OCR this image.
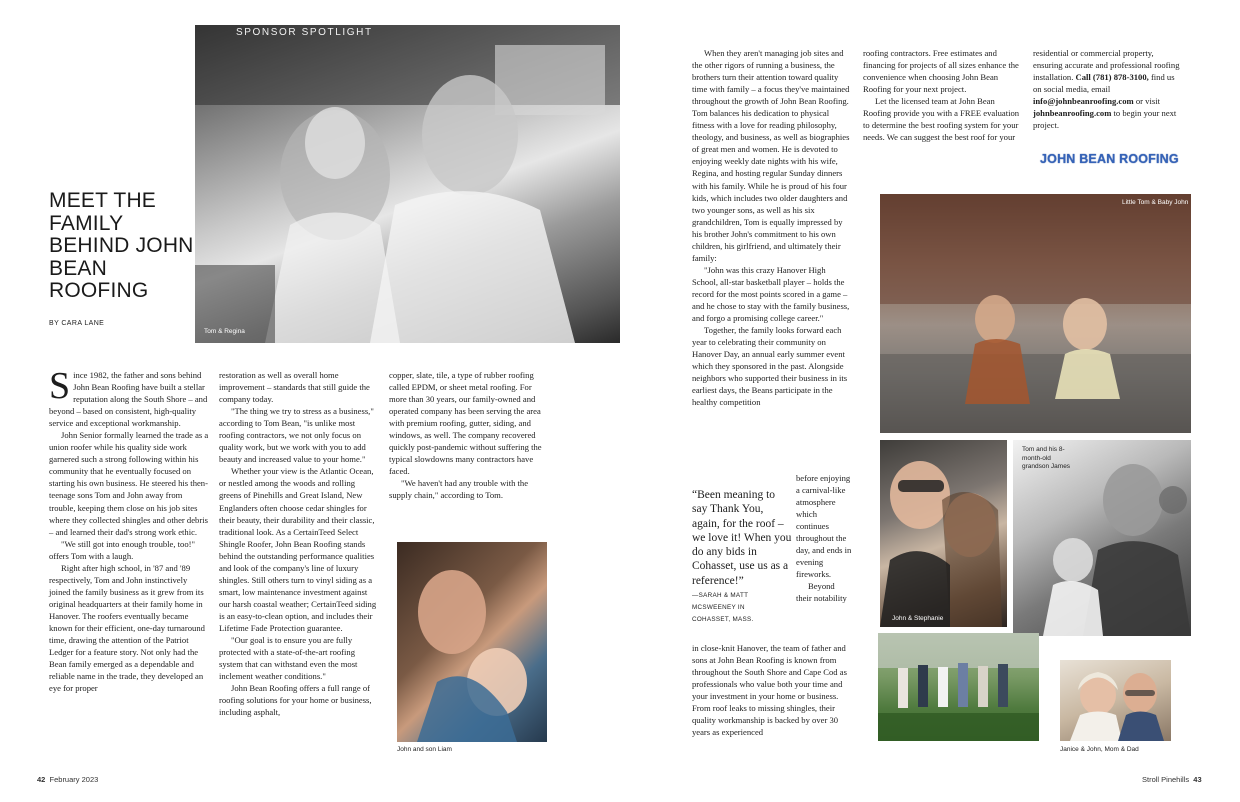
SPONSOR SPOTLIGHT
Tom & Regina
MEET THE FAMILY BEHIND JOHN BEAN ROOFING
BY CARA LANE

Since 1982, the father and sons behind John Bean Roofing have built a stellar reputation along the South Shore – and beyond – based on consistent, high-quality service and exceptional workmanship.

John Senior formally learned the trade as a union roofer while his quality side work garnered such a strong following within his community that he eventually focused on starting his own business. He steered his then-teenage sons Tom and John away from trouble, keeping them close on his job sites where they collected shingles and other debris – and learned their dad's strong work ethic.

"We still got into enough trouble, too!" offers Tom with a laugh.

Right after high school, in '87 and '89 respectively, Tom and John instinctively joined the family business as it grew from its original headquarters at their family home in Hanover. The roofers eventually became known for their efficient, one-day turnaround time, drawing the attention of the Patriot Ledger for a feature story. Not only had the Bean family emerged as a dependable and reliable name in the trade, they developed an eye for proper

restoration as well as overall home improvement – standards that still guide the company today.

"The thing we try to stress as a business," according to Tom Bean, "is unlike most roofing contractors, we not only focus on quality work, but we work with you to add beauty and increased value to your home."

Whether your view is the Atlantic Ocean, or nestled among the woods and rolling greens of Pinehills and Great Island, New Englanders often choose cedar shingles for their beauty, their durability and their classic, traditional look. As a CertainTeed Select Shingle Roofer, John Bean Roofing stands behind the outstanding performance qualities and look of the company's line of luxury shingles. Still others turn to vinyl siding as a smart, low maintenance investment against our harsh coastal weather; CertainTeed siding is an easy-to-clean option, and includes their Lifetime Fade Protection guarantee.

"Our goal is to ensure you are fully protected with a state-of-the-art roofing system that can withstand even the most inclement weather conditions."

John Bean Roofing offers a full range of roofing solutions for your home or business, including asphalt,

copper, slate, tile, a type of rubber roofing called EPDM, or sheet metal roofing. For more than 30 years, our family-owned and operated company has been serving the area with premium roofing, gutter, siding, and windows, as well. The company recovered quickly post-pandemic without suffering the typical slowdowns many contractors have faced.

"We haven't had any trouble with the supply chain," according to Tom.

John and son Liam

When they aren't managing job sites and the other rigors of running a business, the brothers turn their attention toward quality time with family – a focus they've maintained throughout the growth of John Bean Roofing. Tom balances his dedication to physical fitness with a love for reading philosophy, theology, and business, as well as biographies of great men and women. He is devoted to enjoying weekly date nights with his wife, Regina, and hosting regular Sunday dinners with his family. While he is proud of his four kids, which includes two older daughters and two younger sons, as well as his six grandchildren, Tom is equally impressed by his brother John's commitment to his own children, his girlfriend, and ultimately their family:

"John was this crazy Hanover High School, all-star basketball player – holds the record for the most points scored in a game – and he chose to stay with the family business, and forgo a promising college career."

Together, the family looks forward each year to celebrating their community on Hanover Day, an annual early summer event which they sponsored in the past. Alongside neighbors who supported their business in its earliest days, the Beans participate in the healthy competition

before enjoying a carnival-like atmosphere which continues throughout the day, and ends in evening fireworks.

Beyond their notability

“Been meaning to say Thank You, again, for the roof – we love it! When you do any bids in Cohasset, use us as a reference!”
—SARAH & MATT
MCSWEENEY IN
COHASSET, MASS.

in close-knit Hanover, the team of father and sons at John Bean Roofing is known from throughout the South Shore and Cape Cod as professionals who value both your time and your investment in your home or business. From roof leaks to missing shingles, their quality workmanship is backed by over 30 years as experienced

roofing contractors. Free estimates and financing for projects of all sizes enhance the convenience when choosing John Bean Roofing for your next project.

Let the licensed team at John Bean Roofing provide you with a FREE evaluation to determine the best roofing system for your needs. We can suggest the best roof for your

residential or commercial property, ensuring accurate and professional roofing installation. Call (781) 878-3100, find us on social media, email info@johnbeanroofing.com or visit johnbeanroofing.com to begin your next project.

JOHN BEAN ROOFING
Little Tom & Baby John
John & Stephanie
Tom and his 8-month-old grandson James
Janice & John, Mom & Dad
42 February 2023	Stroll Pinehills 43
